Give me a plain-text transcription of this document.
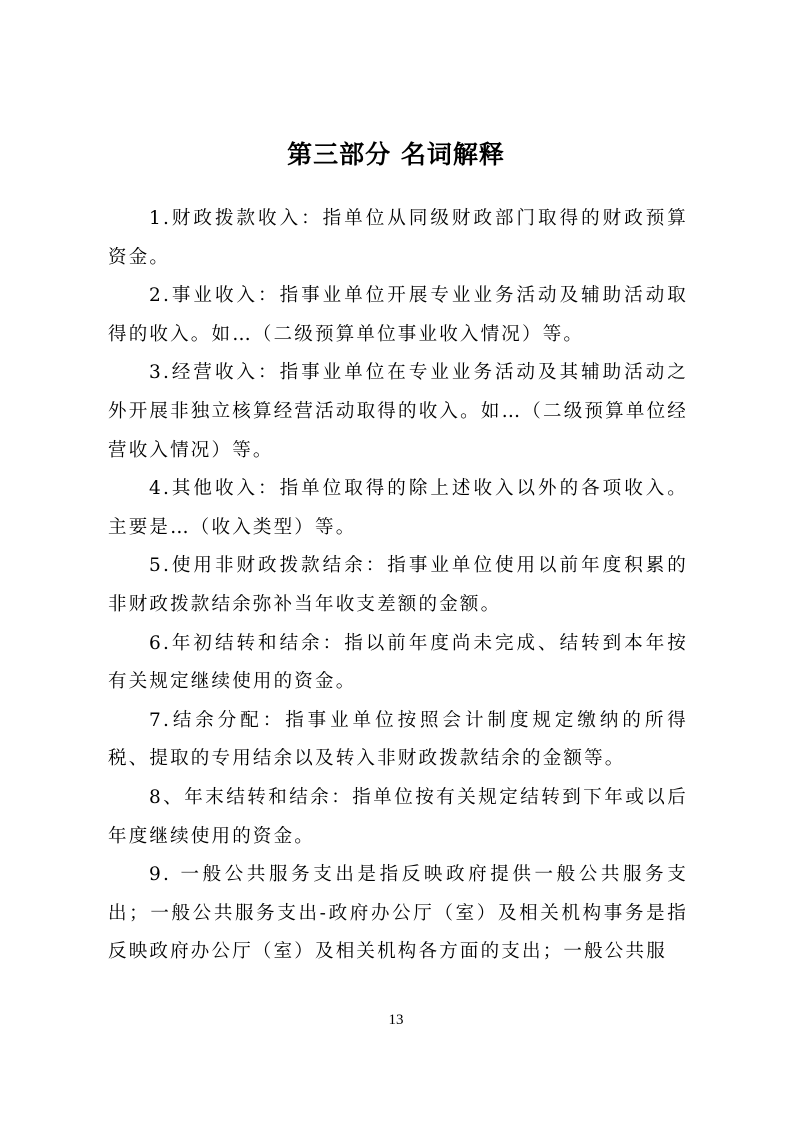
第三部分 名词解释

1.财政拨款收入：指单位从同级财政部门取得的财政预算资金。

2.事业收入：指事业单位开展专业业务活动及辅助活动取得的收入。如…（二级预算单位事业收入情况）等。

3.经营收入：指事业单位在专业业务活动及其辅助活动之外开展非独立核算经营活动取得的收入。如…（二级预算单位经营收入情况）等。

4.其他收入：指单位取得的除上述收入以外的各项收入。主要是…（收入类型）等。

5.使用非财政拨款结余：指事业单位使用以前年度积累的非财政拨款结余弥补当年收支差额的金额。

6.年初结转和结余：指以前年度尚未完成、结转到本年按有关规定继续使用的资金。

7.结余分配：指事业单位按照会计制度规定缴纳的所得税、提取的专用结余以及转入非财政拨款结余的金额等。

8、年末结转和结余：指单位按有关规定结转到下年或以后年度继续使用的资金。

9. 一般公共服务支出是指反映政府提供一般公共服务支出；一般公共服务支出-政府办公厅（室）及相关机构事务是指反映政府办公厅（室）及相关机构各方面的支出；一般公共服

13
